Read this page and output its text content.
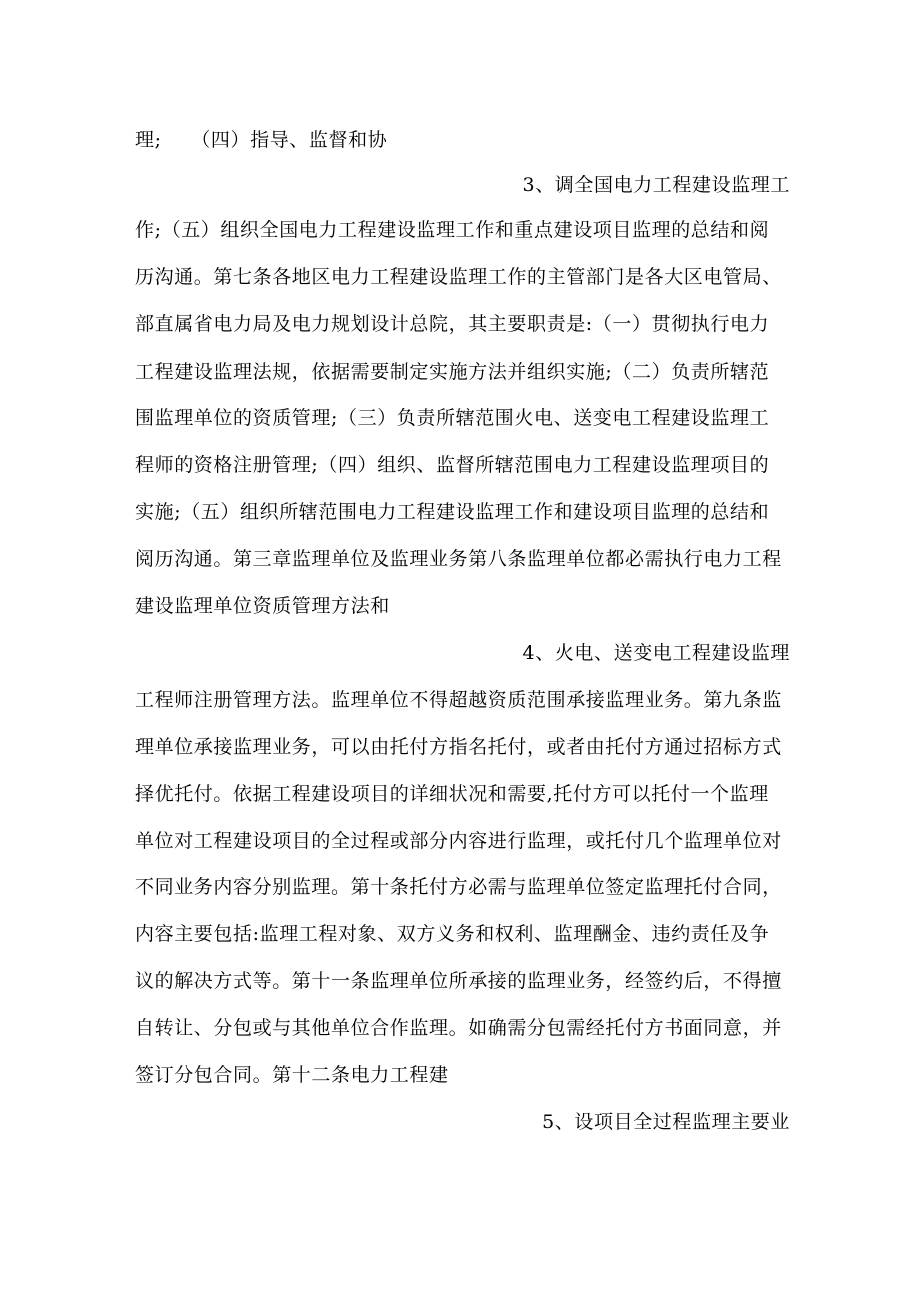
理;　　（四）指导、监督和协
3、调全国电力工程建设监理工
作;（五）组织全国电力工程建设监理工作和重点建设项目监理的总结和阅
历沟通。第七条各地区电力工程建设监理工作的主管部门是各大区电管局、
部直属省电力局及电力规划设计总院，其主要职责是:（一）贯彻执行电力
工程建设监理法规，依据需要制定实施方法并组织实施;（二）负责所辖范
围监理单位的资质管理;（三）负责所辖范围火电、送变电工程建设监理工
程师的资格注册管理;（四）组织、监督所辖范围电力工程建设监理项目的
实施;（五）组织所辖范围电力工程建设监理工作和建设项目监理的总结和
阅历沟通。第三章监理单位及监理业务第八条监理单位都必需执行电力工程
建设监理单位资质管理方法和
4、火电、送变电工程建设监理
工程师注册管理方法。监理单位不得超越资质范围承接监理业务。第九条监
理单位承接监理业务，可以由托付方指名托付，或者由托付方通过招标方式
择优托付。依据工程建设项目的详细状况和需要,托付方可以托付一个监理
单位对工程建设项目的全过程或部分内容进行监理，或托付几个监理单位对
不同业务内容分别监理。第十条托付方必需与监理单位签定监理托付合同，
内容主要包括:监理工程对象、双方义务和权利、监理酬金、违约责任及争
议的解决方式等。第十一条监理单位所承接的监理业务，经签约后，不得擅
自转让、分包或与其他单位合作监理。如确需分包需经托付方书面同意，并
签订分包合同。第十二条电力工程建
5、设项目全过程监理主要业
